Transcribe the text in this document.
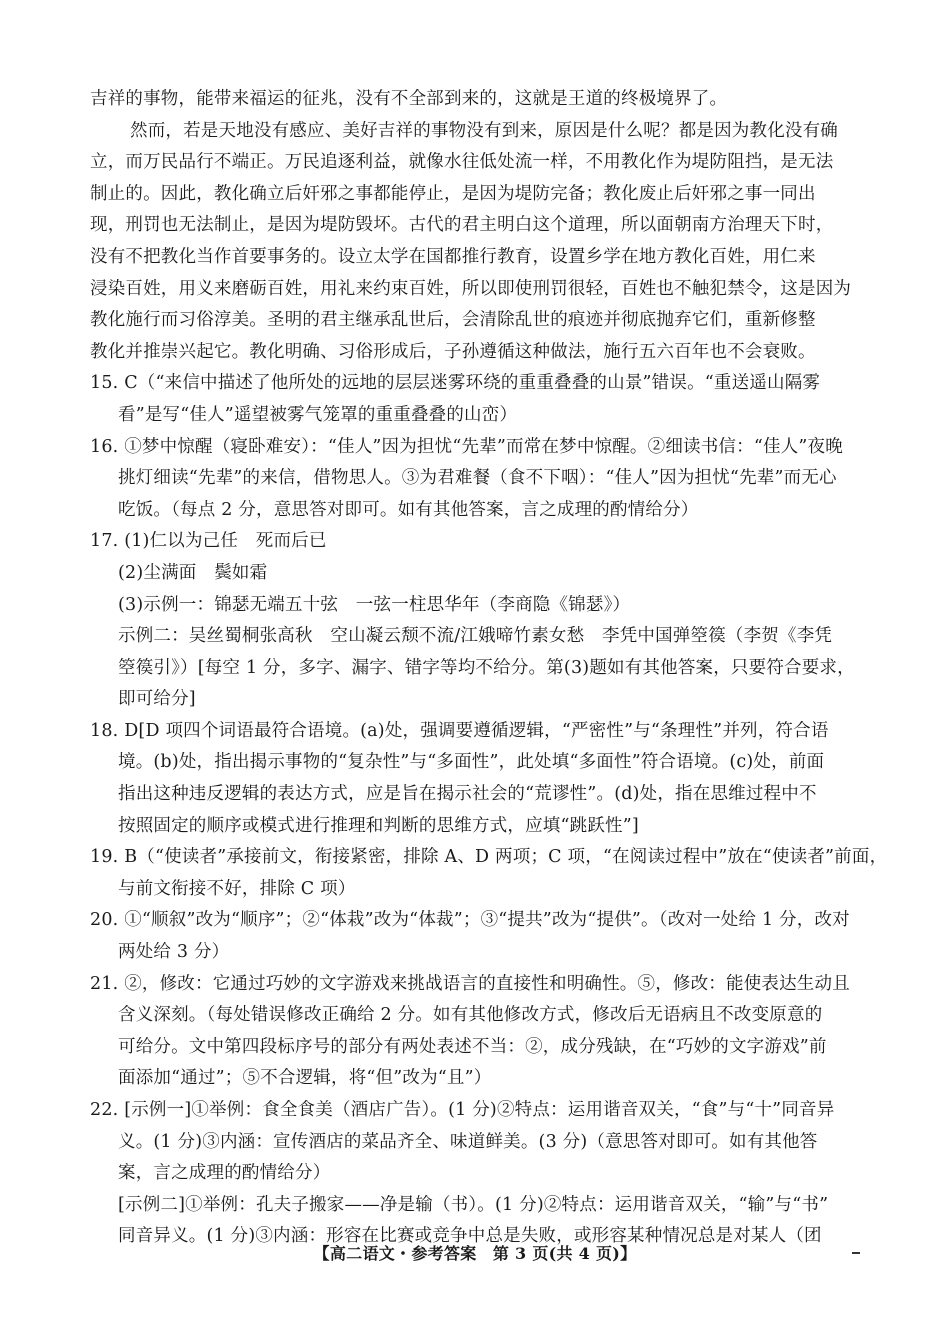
吉祥的事物，能带来福运的征兆，没有不全部到来的，这就是王道的终极境界了。
然而，若是天地没有感应、美好吉祥的事物没有到来，原因是什么呢？都是因为教化没有确
立，而万民品行不端正。万民追逐利益，就像水往低处流一样，不用教化作为堤防阻挡，是无法
制止的。因此，教化确立后奸邪之事都能停止，是因为堤防完备；教化废止后奸邪之事一同出
现，刑罚也无法制止，是因为堤防毁坏。古代的君主明白这个道理，所以面朝南方治理天下时，
没有不把教化当作首要事务的。设立太学在国都推行教育，设置乡学在地方教化百姓，用仁来
浸染百姓，用义来磨砺百姓，用礼来约束百姓，所以即使刑罚很轻，百姓也不触犯禁令，这是因为
教化施行而习俗淳美。圣明的君主继承乱世后，会清除乱世的痕迹并彻底抛弃它们，重新修整
教化并推崇兴起它。教化明确、习俗形成后，子孙遵循这种做法，施行五六百年也不会衰败。
15. C（“来信中描述了他所处的远地的层层迷雾环绕的重重叠叠的山景”错误。“重送遥山隔雾
看”是写“佳人”遥望被雾气笼罩的重重叠叠的山峦）
16. ①梦中惊醒（寝卧难安）：“佳人”因为担忧“先辈”而常在梦中惊醒。②细读书信：“佳人”夜晚
挑灯细读“先辈”的来信，借物思人。③为君难餐（食不下咽）：“佳人”因为担忧“先辈”而无心
吃饭。（每点 2 分，意思答对即可。如有其他答案，言之成理的酌情给分）
17. (1)仁以为己任　死而后已
(2)尘满面　鬓如霜
(3)示例一：锦瑟无端五十弦　一弦一柱思华年（李商隐《锦瑟》）
示例二：吴丝蜀桐张高秋　空山凝云颓不流/江娥啼竹素女愁　李凭中国弹箜篌（李贺《李凭
箜篌引》）[每空 1 分，多字、漏字、错字等均不给分。第(3)题如有其他答案，只要符合要求，
即可给分]
18. D[D 项四个词语最符合语境。(a)处，强调要遵循逻辑，“严密性”与“条理性”并列，符合语
境。(b)处，指出揭示事物的“复杂性”与“多面性”，此处填“多面性”符合语境。(c)处，前面
指出这种违反逻辑的表达方式，应是旨在揭示社会的“荒谬性”。(d)处，指在思维过程中不
按照固定的顺序或模式进行推理和判断的思维方式，应填“跳跃性”]
19. B（“使读者”承接前文，衔接紧密，排除 A、D 两项；C 项，“在阅读过程中”放在“使读者”前面，
与前文衔接不好，排除 C 项）
20. ①“顺叙”改为“顺序”；②“体栽”改为“体裁”；③“提共”改为“提供”。（改对一处给 1 分，改对
两处给 3 分）
21. ②，修改：它通过巧妙的文字游戏来挑战语言的直接性和明确性。⑤，修改：能使表达生动且
含义深刻。（每处错误修改正确给 2 分。如有其他修改方式，修改后无语病且不改变原意的
可给分。文中第四段标序号的部分有两处表述不当：②，成分残缺，在“巧妙的文字游戏”前
面添加“通过”；⑤不合逻辑，将“但”改为“且”）
22. [示例一]①举例：食全食美（酒店广告）。(1 分)②特点：运用谐音双关，“食”与“十”同音异
义。(1 分)③内涵：宣传酒店的菜品齐全、味道鲜美。(3 分)（意思答对即可。如有其他答
案，言之成理的酌情给分）
[示例二]①举例：孔夫子搬家——净是输（书）。(1 分)②特点：运用谐音双关，“输”与“书”
同音异义。(1 分)③内涵：形容在比赛或竞争中总是失败，或形容某种情况总是对某人（团
【高二语文・参考答案　第 3 页(共 4 页)】
